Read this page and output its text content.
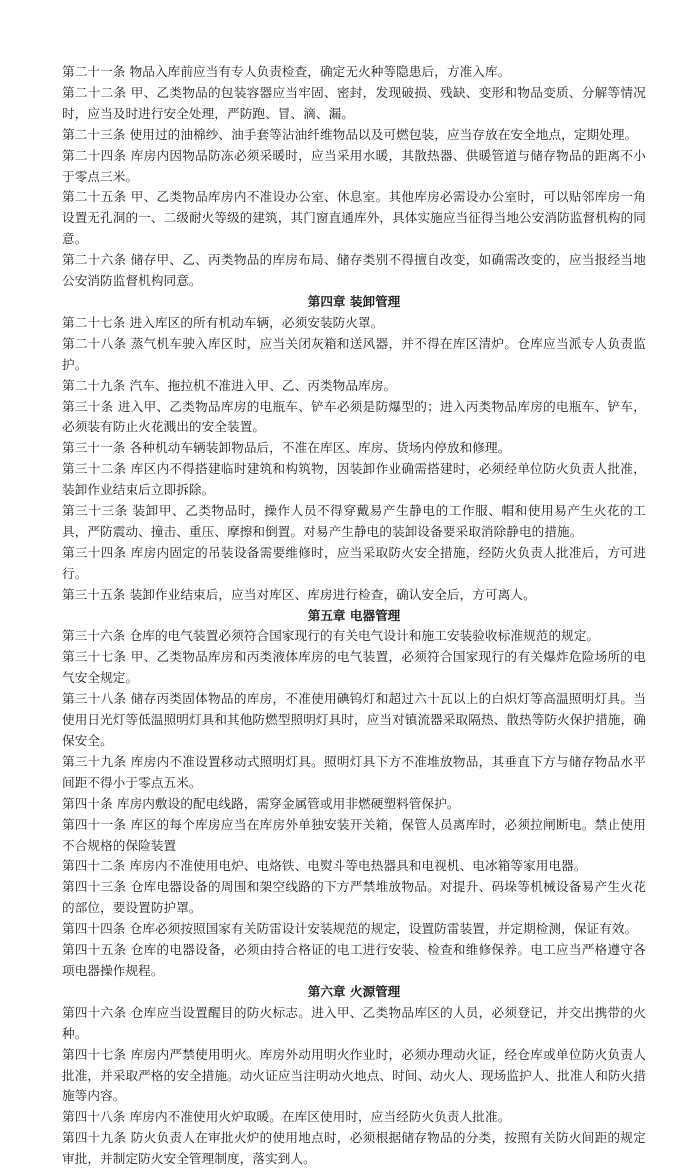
第二十一条 物品入库前应当有专人负责检查，确定无火种等隐患后，方准入库。

第二十二条 甲、乙类物品的包装容器应当牢固、密封，发现破损、残缺、变形和物品变质、分解等情况时，应当及时进行安全处理，严防跑、冒、滴、漏。

第二十三条 使用过的油棉纱、油手套等沾油纤维物品以及可燃包装，应当存放在安全地点，定期处理。

第二十四条 库房内因物品防冻必须采暖时，应当采用水暖，其散热器、供暖管道与储存物品的距离不小于零点三米。

第二十五条 甲、乙类物品库房内不准设办公室、休息室。其他库房必需设办公室时，可以贴邻库房一角设置无孔洞的一、二级耐火等级的建筑，其门窗直通库外，具体实施应当征得当地公安消防监督机构的同意。

第二十六条 储存甲、乙、丙类物品的库房布局、储存类别不得擅自改变，如确需改变的，应当报经当地公安消防监督机构同意。

第四章 装卸管理

第二十七条 进入库区的所有机动车辆，必须安装防火罩。

第二十八条 蒸气机车驶入库区时，应当关闭灰箱和送风器，并不得在库区清炉。仓库应当派专人负责监护。

第二十九条 汽车、拖拉机不准进入甲、乙、丙类物品库房。

第三十条 进入甲、乙类物品库房的电瓶车、铲车必须是防爆型的；进入丙类物品库房的电瓶车、铲车，必须装有防止火花溅出的安全装置。

第三十一条 各种机动车辆装卸物品后，不准在库区、库房、货场内停放和修理。

第三十二条 库区内不得搭建临时建筑和构筑物，因装卸作业确需搭建时，必须经单位防火负责人批准，装卸作业结束后立即拆除。

第三十三条 装卸甲、乙类物品时，操作人员不得穿戴易产生静电的工作服、帽和使用易产生火花的工具，严防震动、撞击、重压、摩擦和倒置。对易产生静电的装卸设备要采取消除静电的措施。

第三十四条 库房内固定的吊装设备需要维修时，应当采取防火安全措施，经防火负责人批准后，方可进行。

第三十五条 装卸作业结束后，应当对库区、库房进行检查，确认安全后，方可离人。

第五章 电器管理

第三十六条 仓库的电气装置必须符合国家现行的有关电气设计和施工安装验收标准规范的规定。

第三十七条 甲、乙类物品库房和丙类液体库房的电气装置，必须符合国家现行的有关爆炸危险场所的电气安全规定。

第三十八条 储存丙类固体物品的库房，不准使用碘钨灯和超过六十瓦以上的白炽灯等高温照明灯具。当使用日光灯等低温照明灯具和其他防燃型照明灯具时，应当对镇流器采取隔热、散热等防火保护措施，确保安全。

第三十九条 库房内不准设置移动式照明灯具。照明灯具下方不准堆放物品，其垂直下方与储存物品水平间距不得小于零点五米。

第四十条 库房内敷设的配电线路，需穿金属管或用非燃硬塑料管保护。

第四十一条 库区的每个库房应当在库房外单独安装开关箱，保管人员离库时，必须拉闸断电。禁止使用不合规格的保险装置

第四十二条 库房内不准使用电炉、电烙铁、电熨斗等电热器具和电视机、电冰箱等家用电器。

第四十三条 仓库电器设备的周围和架空线路的下方严禁堆放物品。对提升、码垛等机械设备易产生火花的部位，要设置防护罩。

第四十四条 仓库必须按照国家有关防雷设计安装规范的规定，设置防雷装置，并定期检测，保证有效。

第四十五条 仓库的电器设备，必须由持合格证的电工进行安装、检查和维修保养。电工应当严格遵守各项电器操作规程。

第六章 火源管理

第四十六条 仓库应当设置醒目的防火标志。进入甲、乙类物品库区的人员，必须登记，并交出携带的火种。

第四十七条 库房内严禁使用明火。库房外动用明火作业时，必须办理动火证，经仓库或单位防火负责人批准，并采取严格的安全措施。动火证应当注明动火地点、时间、动火人、现场监护人、批准人和防火措施等内容。

第四十八条 库房内不准使用火炉取暖。在库区使用时，应当经防火负责人批准。

第四十九条 防火负责人在审批火炉的使用地点时，必须根据储存物品的分类，按照有关防火间距的规定审批，并制定防火安全管理制度，落实到人。
